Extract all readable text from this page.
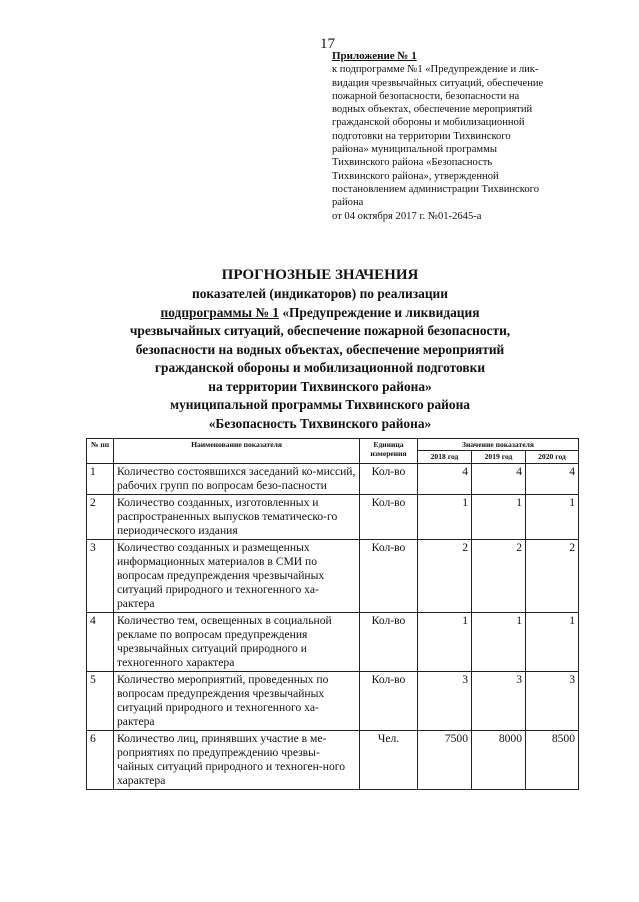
17
Приложение № 1
к подпрограмме №1 «Предупреждение и лик-
видация чрезвычайных ситуаций, обеспечение
пожарной безопасности, безопасности на
водных объектах, обеспечение мероприятий
гражданской обороны и мобилизационной
подготовки на территории Тихвинского
района» муниципальной программы
Тихвинского района «Безопасность
Тихвинского района», утвержденной
постановлением администрации Тихвинского
района
от 04 октября 2017 г. №01-2645-а
ПРОГНОЗНЫЕ ЗНАЧЕНИЯ
показателей (индикаторов) по реализации
подпрограммы № 1 «Предупреждение и ликвидация
чрезвычайных ситуаций, обеспечение пожарной безопасности,
безопасности на водных объектах, обеспечение мероприятий
гражданской обороны и мобилизационной подготовки
на территории Тихвинского района»
муниципальной программы Тихвинского района
«Безопасность Тихвинского района»
№ пп	Наименование показателя	Единица измерения	Значение показателя		
			2018 год	2019 год	2020 год
1	Количество состоявшихся заседаний ко-миссий, рабочих групп по вопросам безо-пасности	Кол-во	4	4	4
2	Количество созданных, изготовленных и распространенных выпусков тематическо-го периодического издания	Кол-во	1	1	1
3	Количество созданных и размещенных информационных материалов в СМИ по вопросам предупреждения чрезвычайных ситуаций природного и техногенного ха-рактера	Кол-во	2	2	2
4	Количество тем, освещенных в социальной рекламе по вопросам предупреждения чрезвычайных ситуаций природного и техногенного характера	Кол-во	1	1	1
5	Количество мероприятий, проведенных по вопросам предупреждения чрезвычайных ситуаций природного и техногенного ха-рактера	Кол-во	3	3	3
6	Количество лиц, принявших участие в ме-роприятиях по предупреждению чрезвы-чайных ситуаций природного и техноген-ного характера	Чел.	7500	8000	8500
